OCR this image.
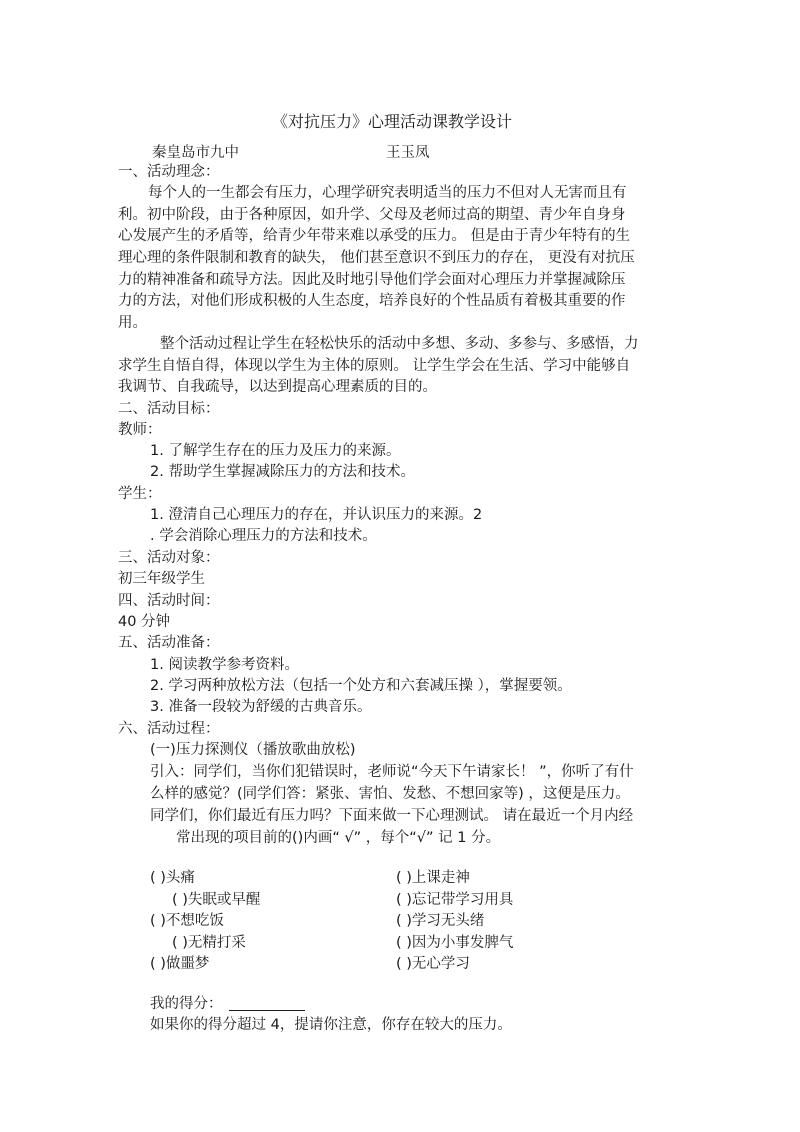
《对抗压力》心理活动课教学设计
秦皇岛市九中	王玉凤
一、活动理念：
每个人的一生都会有压力，心理学研究表明适当的压力不但对人无害而且有
利。初中阶段，由于各种原因，如升学、父母及老师过高的期望、青少年自身身
心发展产生的矛盾等，给青少年带来难以承受的压力。 但是由于青少年特有的生
理心理的条件限制和教育的缺失， 他们甚至意识不到压力的存在， 更没有对抗压
力的精神准备和疏导方法。因此及时地引导他们学会面对心理压力并掌握减除压
力的方法，对他们形成积极的人生态度，培养良好的个性品质有着极其重要的作
用。
整个活动过程让学生在轻松快乐的活动中多想、多动、多参与、多感悟，力
求学生自悟自得，体现以学生为主体的原则。 让学生学会在生活、学习中能够自
我调节、自我疏导，以达到提高心理素质的目的。
二、活动目标：
教师：
1. 了解学生存在的压力及压力的来源。
2. 帮助学生掌握减除压力的方法和技术。
学生：
1. 澄清自己心理压力的存在，并认识压力的来源。2
. 学会消除心理压力的方法和技术。
三、活动对象：
初三年级学生
四、活动时间：
40 分钟
五、活动准备：
1. 阅读教学参考资料。
2. 学习两种放松方法（包括一个处方和六套减压操 ），掌握要领。
3. 准备一段较为舒缓的古典音乐。
六、活动过程：
(一)压力探测仪（播放歌曲放松)
引入：同学们，当你们犯错误时，老师说“今天下午请家长！ ”，你听了有什
么样的感觉？(同学们答：紧张、害怕、发愁、不想回家等) ，这便是压力。
同学们，你们最近有压力吗？下面来做一下心理测试。 请在最近一个月内经
常出现的项目前的()内画“ √” ，每个“√” 记 1 分。
( )头痛
( )失眠或早醒
( )不想吃饭
( )无精打采
( )做噩梦
( )上课走神
( )忘记带学习用具
( )学习无头绪
( )因为小事发脾气
( )无心学习
我的得分：
如果你的得分超过 4，提请你注意，你存在较大的压力。
